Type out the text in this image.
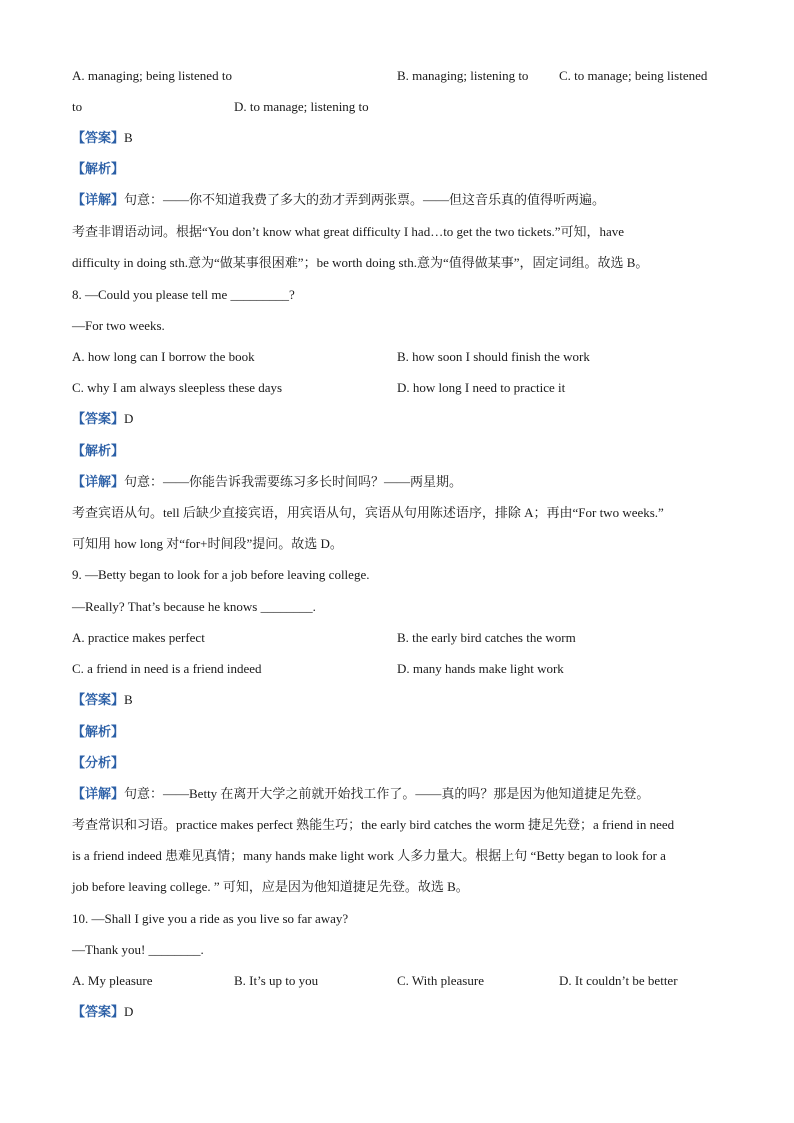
A. managing; being listened to	B. managing; listening to C. to manage; being listened
to	D. to manage; listening to
【答案】B
【解析】
【详解】句意：——你不知道我费了多大的劲才弄到两张票。——但这音乐真的值得听两遍。
考查非谓语动词。根据“You don’t know what great difficulty I had…to get the two tickets.”可知，have
difficulty in doing sth.意为“做某事很困难”；be worth doing sth.意为“值得做某事”，固定词组。故选 B。
8. —Could you please tell me _________?
—For two weeks.
A. how long can I borrow the book	B. how soon I should finish the work
C. why I am always sleepless these days	D. how long I need to practice it
【答案】D
【解析】
【详解】句意：——你能告诉我需要练习多长时间吗？——两星期。
考查宾语从句。tell 后缺少直接宾语，用宾语从句，宾语从句用陈述语序，排除 A；再由“For two weeks.”
可知用 how long 对“for+时间段”提问。故选 D。
9. —Betty began to look for a job before leaving college.
—Really? That’s because he knows ________.
A. practice makes perfect	B. the early bird catches the worm
C. a friend in need is a friend indeed	D. many hands make light work
【答案】B
【解析】
【分析】
【详解】句意：——Betty 在离开大学之前就开始找工作了。——真的吗？那是因为他知道捷足先登。
考查常识和习语。practice makes perfect 熟能生巧；the early bird catches the worm 捷足先登；a friend in need
is a friend indeed 患难见真情；many hands make light work 人多力量大。根据上句 “Betty began to look for a
job before leaving college. ” 可知，应是因为他知道捷足先登。故选 B。
10. —Shall I give you a ride as you live so far away?
—Thank you! ________.
A. My pleasure	B. It’s up to you	C. With pleasure	D. It couldn’t be better
【答案】D
